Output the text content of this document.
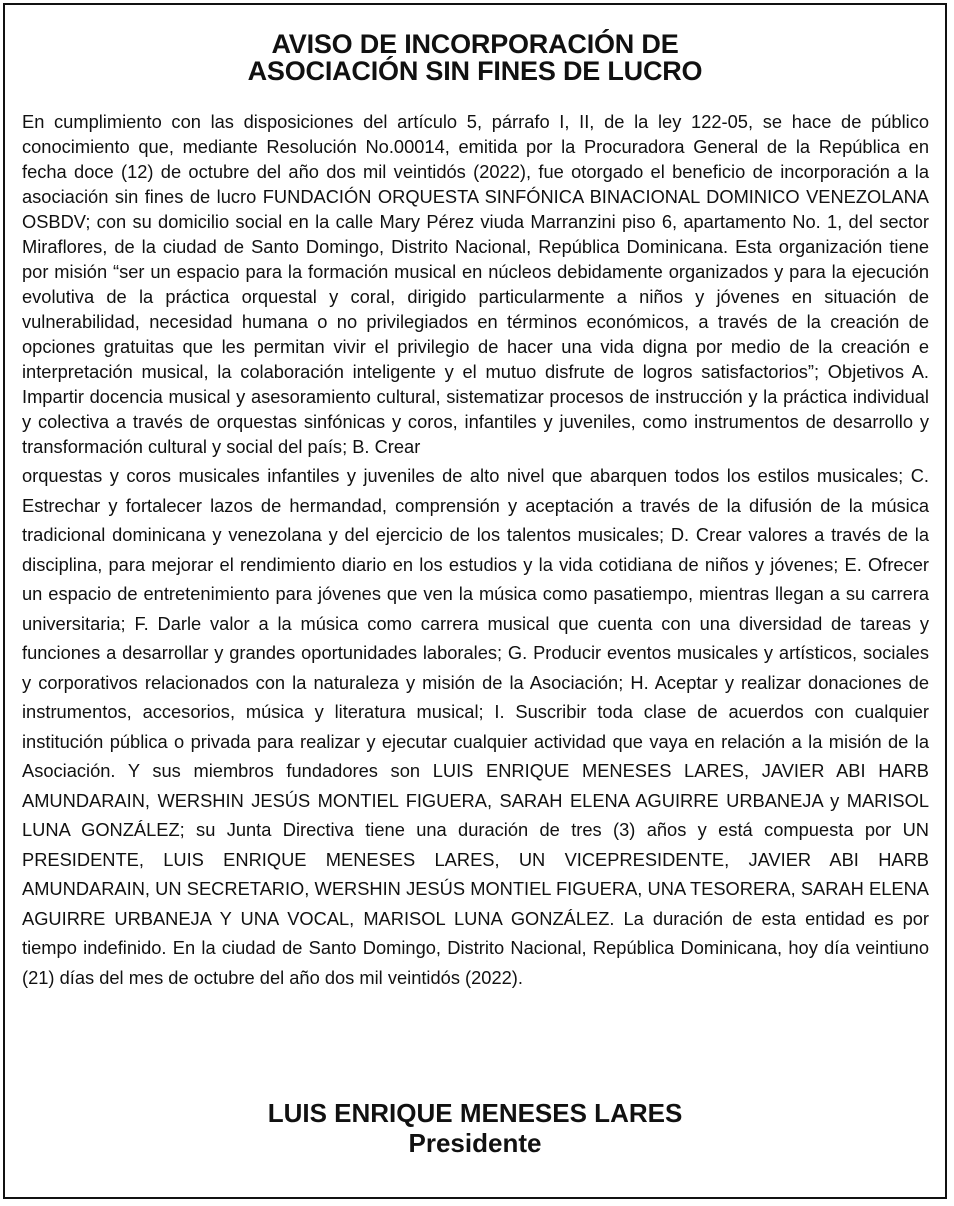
AVISO DE INCORPORACIÓN DE
ASOCIACIÓN SIN FINES DE LUCRO

En cumplimiento con las disposiciones del artículo 5, párrafo I, II, de la ley 122-05, se hace de público conocimiento que, mediante Resolución No.00014, emitida por la Procuradora General de la República en fecha doce (12) de octubre del año dos mil veintidós (2022), fue otorgado el beneficio de incorporación a la asociación sin fines de lucro FUNDACIÓN ORQUESTA SINFÓNICA BINACIONAL DOMINICO VENEZOLANA OSBDV; con su domicilio social en la calle Mary Pérez viuda Marranzini piso 6, apartamento No. 1, del sector Miraflores, de la ciudad de Santo Domingo, Distrito Nacional, República Dominicana. Esta organización tiene por misión “ser un espacio para la formación musical en núcleos debidamente organizados y para la ejecución evolutiva de la práctica orquestal y coral, dirigido particularmente a niños y jóvenes en situación de vulnerabilidad, necesidad humana o no privilegiados en términos económicos, a través de la creación de opciones gratuitas que les permitan vivir el privilegio de hacer una vida digna por medio de la creación e interpretación musical, la colaboración inteligente y el mutuo disfrute de logros satisfactorios”; Objetivos A. Impartir docencia musical y asesoramiento cultural, sistematizar procesos de instrucción y la práctica individual y colectiva a través de orquestas sinfónicas y coros, infantiles y juveniles, como instrumentos de desarrollo y transformación cultural y social del país; B. Crear

orquestas y coros musicales infantiles y juveniles de alto nivel que abarquen todos los estilos musicales; C. Estrechar y fortalecer lazos de hermandad, comprensión y aceptación a través de la difusión de la música tradicional dominicana y venezolana y del ejercicio de los talentos musicales; D. Crear valores a través de la disciplina, para mejorar el rendimiento diario en los estudios y la vida cotidiana de niños y jóvenes; E. Ofrecer un espacio de entretenimiento para jóvenes que ven la música como pasatiempo, mientras llegan a su carrera universitaria; F. Darle valor a la música como carrera musical que cuenta con una diversidad de tareas y funciones a desarrollar y grandes oportunidades laborales; G. Producir eventos musicales y artísticos, sociales y corporativos relacionados con la naturaleza y misión de la Asociación; H. Aceptar y realizar donaciones de instrumentos, accesorios, música y literatura musical; I. Suscribir toda clase de acuerdos con cualquier institución pública o privada para realizar y ejecutar cualquier actividad que vaya en relación a la misión de la Asociación. Y sus miembros fundadores son LUIS ENRIQUE MENESES LARES, JAVIER ABI HARB AMUNDARAIN, WERSHIN JESÚS MONTIEL FIGUERA, SARAH ELENA AGUIRRE URBANEJA y MARISOL LUNA GONZÁLEZ; su Junta Directiva tiene una duración de tres (3) años y está compuesta por UN PRESIDENTE, LUIS ENRIQUE MENESES LARES, UN VICEPRESIDENTE, JAVIER ABI HARB AMUNDARAIN, UN SECRETARIO, WERSHIN JESÚS MONTIEL FIGUERA, UNA TESORERA, SARAH ELENA AGUIRRE URBANEJA Y UNA VOCAL, MARISOL LUNA GONZÁLEZ. La duración de esta entidad es por tiempo indefinido. En la ciudad de Santo Domingo, Distrito Nacional, República Dominicana, hoy día veintiuno (21) días del mes de octubre del año dos mil veintidós (2022).

LUIS ENRIQUE MENESES LARES
Presidente
